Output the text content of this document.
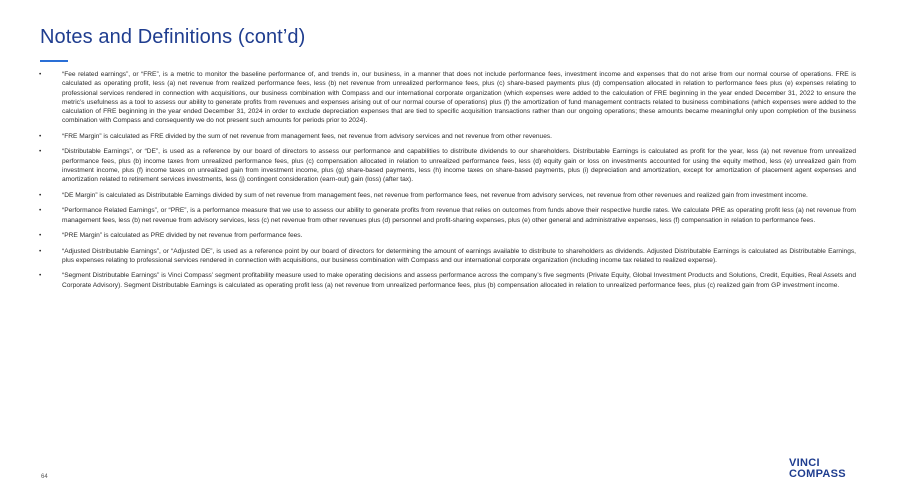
Notes and Definitions (cont’d)
•	“Fee related earnings”, or “FRE”, is a metric to monitor the baseline performance of, and trends in, our business, in a manner that does not include performance fees, investment income and expenses that do not arise from our normal course of operations. FRE is calculated as operating profit, less (a) net revenue from realized performance fees, less (b) net revenue from unrealized performance fees, plus (c) share-based payments plus (d) compensation allocated in relation to performance fees plus (e) expenses relating to professional services rendered in connection with acquisitions, our business combination with Compass and our international corporate organization (which expenses were added to the calculation of FRE beginning in the year ended December 31, 2022 to ensure the metric’s usefulness as a tool to assess our ability to generate profits from revenues and expenses arising out of our normal course of operations) plus (f) the amortization of fund management contracts related to business combinations (which expenses were added to the calculation of FRE beginning in the year ended December 31, 2024 in order to exclude depreciation expenses that are tied to specific acquisition transactions rather than our ongoing operations; these amounts became meaningful only upon completion of the business combination with Compass and consequently we do not present such amounts for periods prior to 2024).
•	“FRE Margin” is calculated as FRE divided by the sum of net revenue from management fees, net revenue from advisory services and net revenue from other revenues.
•	“Distributable Earnings”, or “DE”, is used as a reference by our board of directors to assess our performance and capabilities to distribute dividends to our shareholders. Distributable Earnings is calculated as profit for the year, less (a) net revenue from unrealized performance fees, plus (b) income taxes from unrealized performance fees, plus (c) compensation allocated in relation to unrealized performance fees, less (d) equity gain or loss on investments accounted for using the equity method, less (e) unrealized gain from investment income, plus (f) income taxes on unrealized gain from investment income, plus (g) share-based payments, less (h) income taxes on share-based payments, plus (i) depreciation and amortization, except for amortization of placement agent expenses and amortization related to retirement services investments, less (j) contingent consideration (earn-out) gain (loss) (after tax).
•	“DE Margin” is calculated as Distributable Earnings divided by sum of net revenue from management fees, net revenue from performance fees, net revenue from advisory services, net revenue from other revenues and realized gain from investment income.
•	“Performance Related Earnings”, or “PRE”, is a performance measure that we use to assess our ability to generate profits from revenue that relies on outcomes from funds above their respective hurdle rates. We calculate PRE as operating profit less (a) net revenue from management fees, less (b) net revenue from advisory services, less (c) net revenue from other revenues plus (d) personnel and profit-sharing expenses, plus (e) other general and administrative expenses, less (f) compensation in relation to performance fees.
•	“PRE Margin” is calculated as PRE divided by net revenue from performance fees.
•	“Adjusted Distributable Earnings”, or “Adjusted DE”, is used as a reference point by our board of directors for determining the amount of earnings available to distribute to shareholders as dividends. Adjusted Distributable Earnings is calculated as Distributable Earnings, plus expenses relating to professional services rendered in connection with acquisitions, our business combination with Compass and our international corporate organization (including income tax related to realized expense).
•	“Segment Distributable Earnings” is Vinci Compass’ segment profitability measure used to make operating decisions and assess performance across the company’s five segments (Private Equity, Global Investment Products and Solutions, Credit, Equities, Real Assets and Corporate Advisory). Segment Distributable Earnings is calculated as operating profit less (a) net revenue from unrealized performance fees, plus (b) compensation allocated in relation to unrealized performance fees, plus (c) realized gain from GP investment income.
64
VINCI
COMPASS
